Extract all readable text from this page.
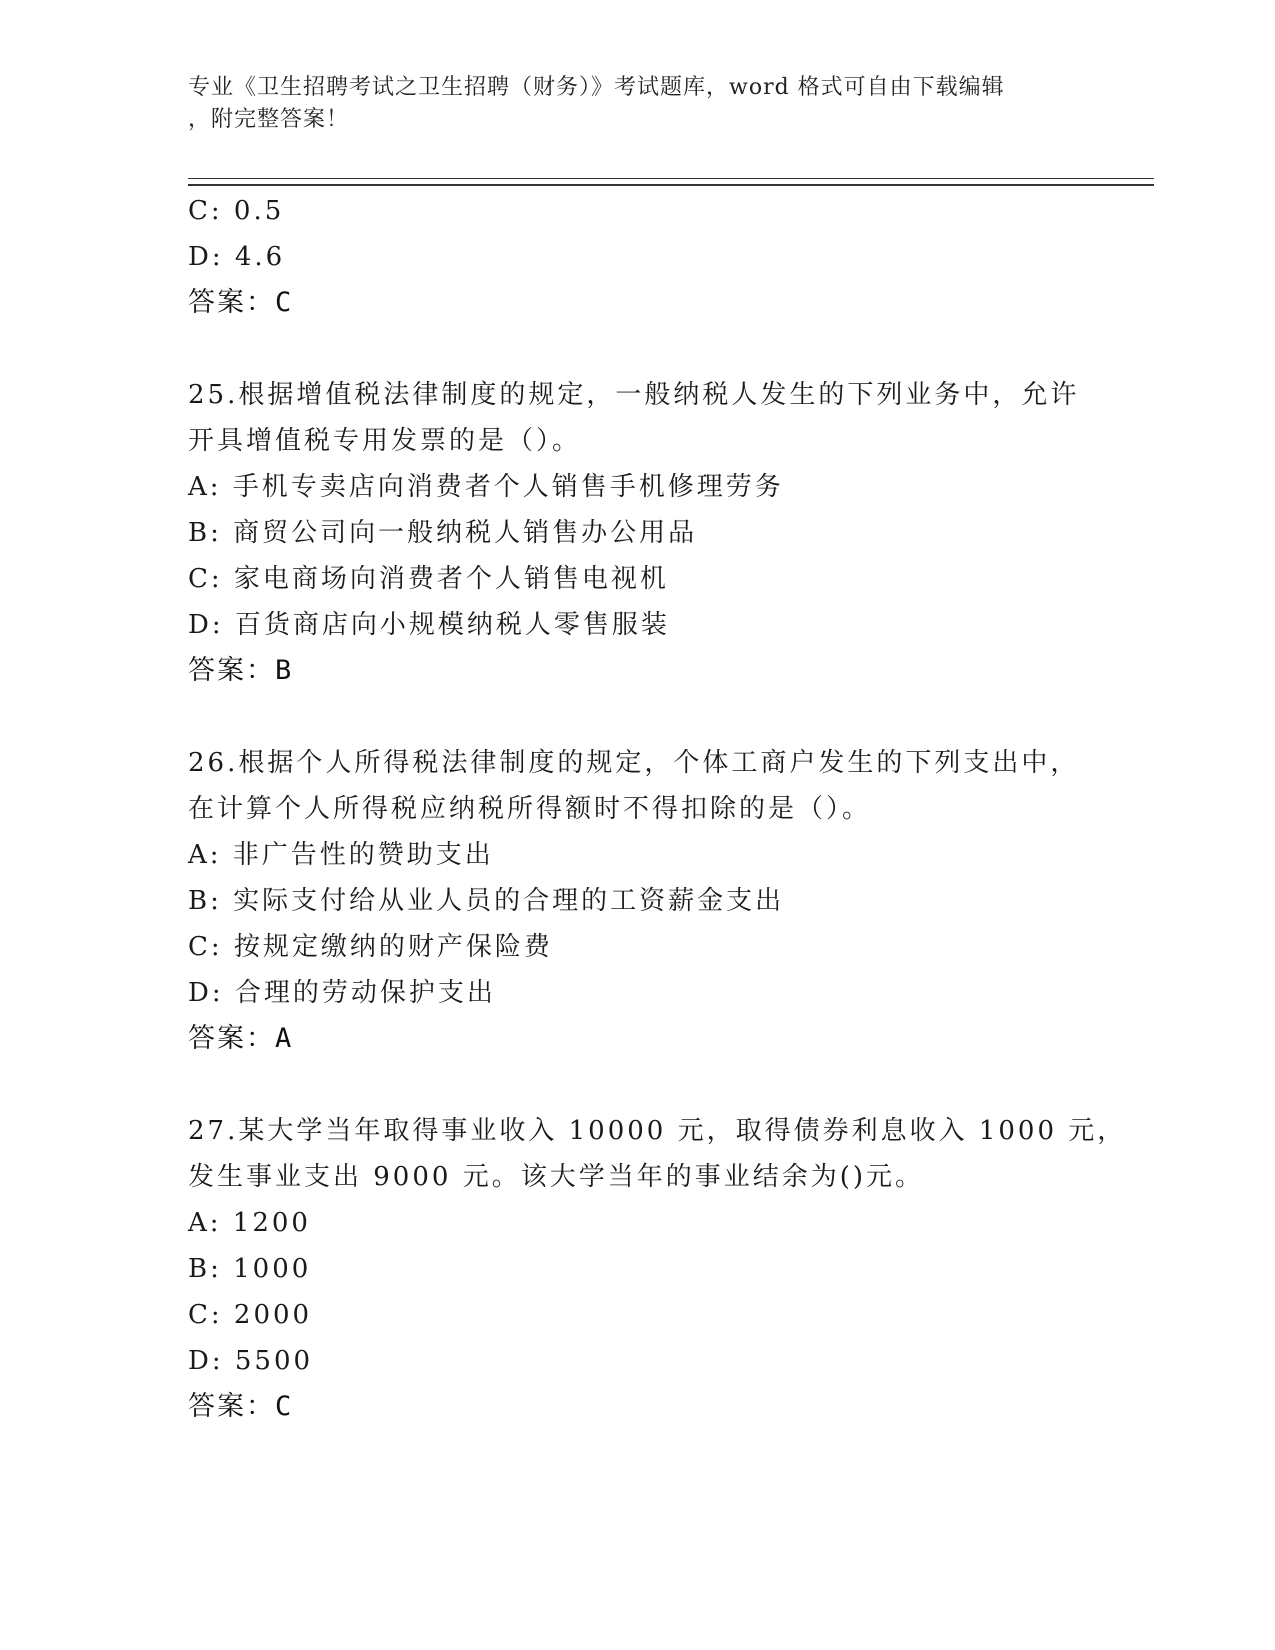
专业《卫生招聘考试之卫生招聘（财务）》考试题库，word 格式可自由下载编辑
，附完整答案！
C: 0.5
D: 4.6
答案：C
25.根据增值税法律制度的规定，一般纳税人发生的下列业务中，允许
开具增值税专用发票的是（）。
A: 手机专卖店向消费者个人销售手机修理劳务
B: 商贸公司向一般纳税人销售办公用品
C: 家电商场向消费者个人销售电视机
D: 百货商店向小规模纳税人零售服装
答案：B
26.根据个人所得税法律制度的规定，个体工商户发生的下列支出中，
在计算个人所得税应纳税所得额时不得扣除的是（）。
A: 非广告性的赞助支出
B: 实际支付给从业人员的合理的工资薪金支出
C: 按规定缴纳的财产保险费
D: 合理的劳动保护支出
答案：A
27.某大学当年取得事业收入 10000 元，取得债券利息收入 1000 元，
发生事业支出 9000 元。该大学当年的事业结余为()元。
A: 1200
B: 1000
C: 2000
D: 5500
答案：C
